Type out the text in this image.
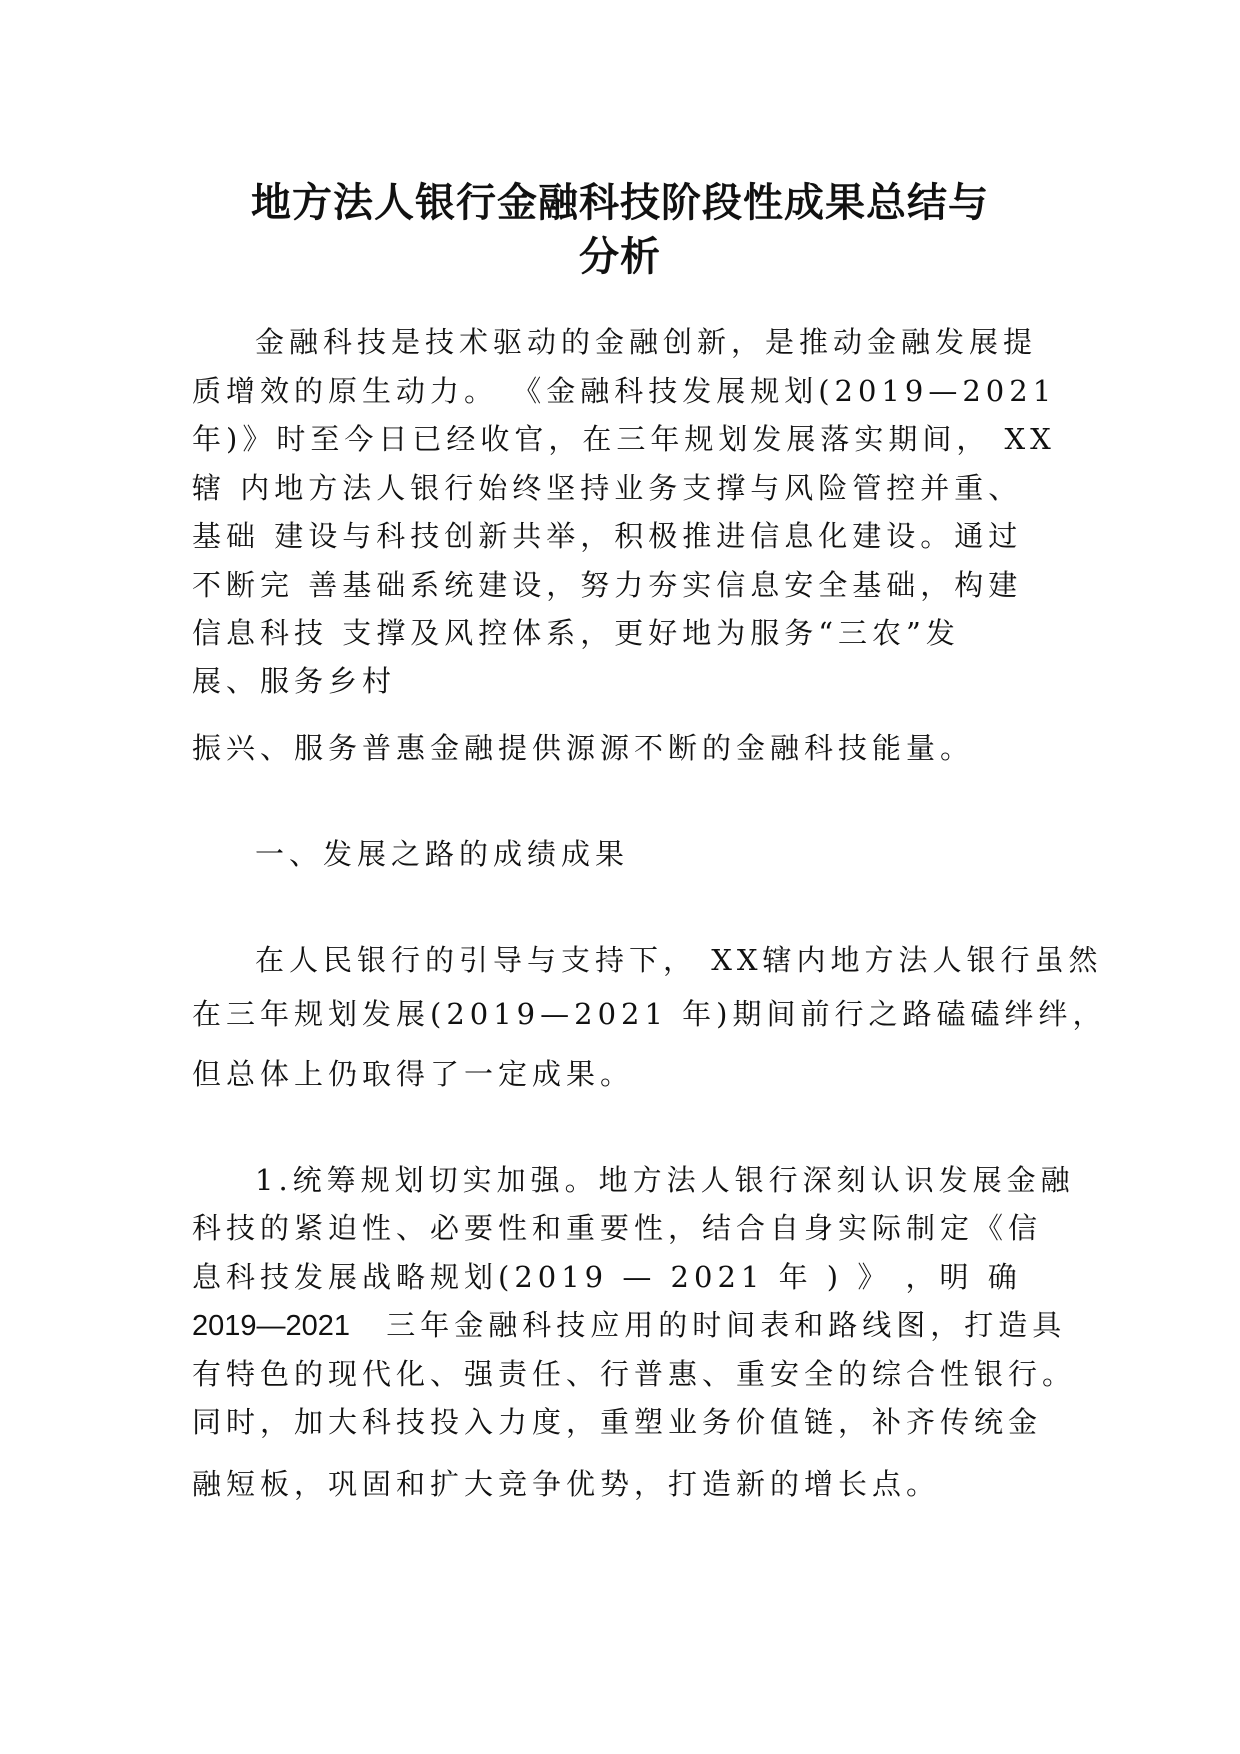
地方法人银行金融科技阶段性成果总结与
分析

金融科技是技术驱动的金融创新，是推动金融发展提

质增效的原生动力。 《金融科技发展规划(2019—2021

年)》时至今日已经收官，在三年规划发展落实期间， XX

辖 内地方法人银行始终坚持业务支撑与风险管控并重、

基础 建设与科技创新共举，积极推进信息化建设。通过

不断完 善基础系统建设，努力夯实信息安全基础，构建

信息科技 支撑及风控体系，更好地为服务“三农”发

展、服务乡村

振兴、服务普惠金融提供源源不断的金融科技能量。

一、发展之路的成绩成果

在人民银行的引导与支持下， XX辖内地方法人银行虽然

在三年规划发展(2019—2021 年)期间前行之路磕磕绊绊，

但总体上仍取得了一定成果。

1.统筹规划切实加强。地方法人银行深刻认识发展金融

科技的紧迫性、必要性和重要性，结合自身实际制定《信

息科技发展战略规划(2019 — 2021 年 ) 》 ，明 确

2019—2021 三年金融科技应用的时间表和路线图，打造具

有特色的现代化、强责任、行普惠、重安全的综合性银行。

同时，加大科技投入力度，重塑业务价值链，补齐传统金

融短板，巩固和扩大竞争优势，打造新的增长点。
